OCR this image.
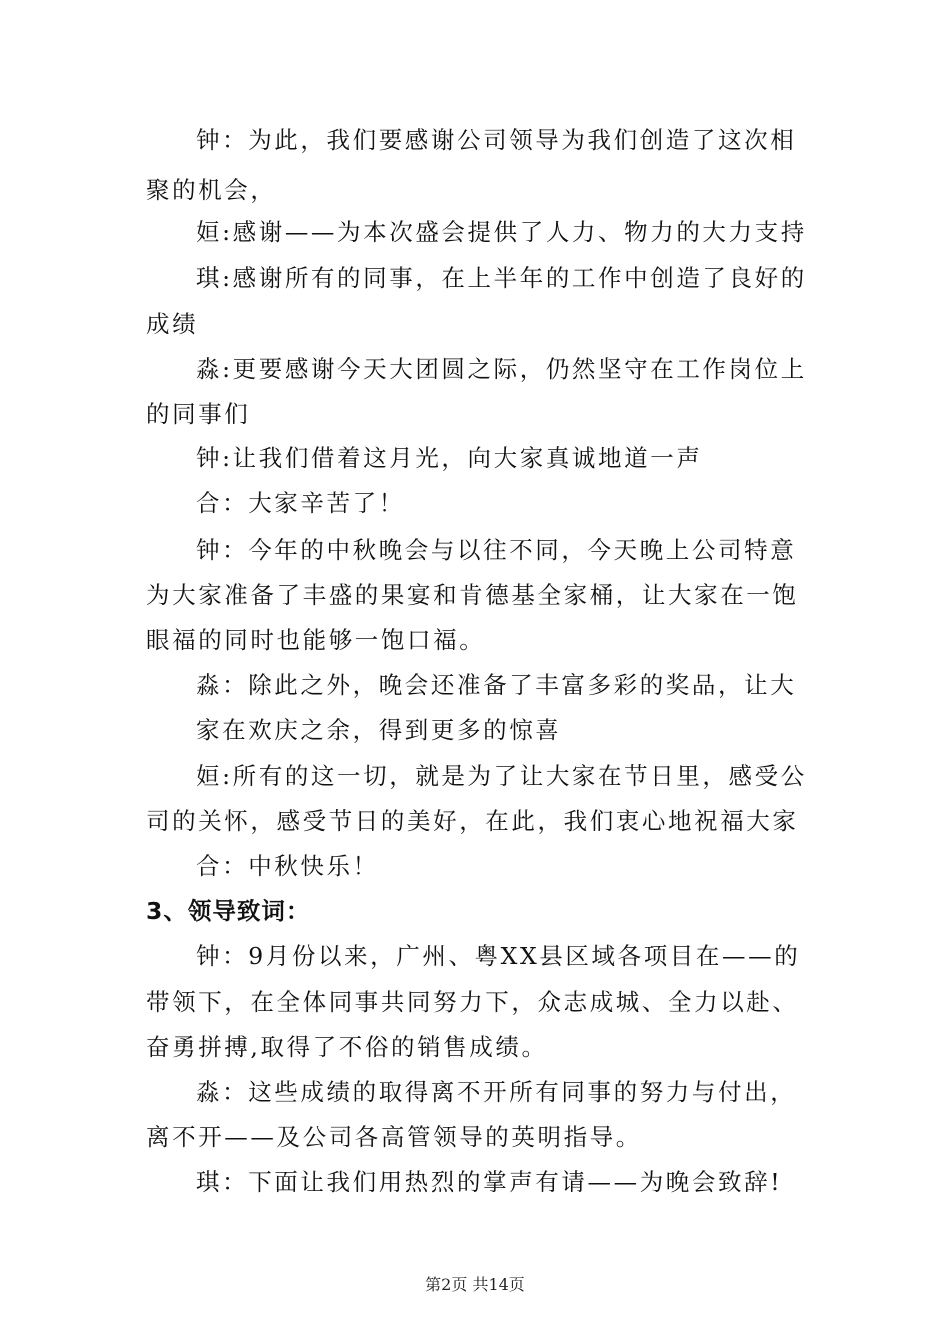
钟：为此，我们要感谢公司领导为我们创造了这次相
聚的机会，
姮:感谢——为本次盛会提供了人力、物力的大力支持
琪:感谢所有的同事，在上半年的工作中创造了良好的
成绩
淼:更要感谢今天大团圆之际，仍然坚守在工作岗位上
的同事们
钟:让我们借着这月光，向大家真诚地道一声
合：大家辛苦了！
钟：今年的中秋晚会与以往不同，今天晚上公司特意
为大家准备了丰盛的果宴和肯德基全家桶，让大家在一饱
眼福的同时也能够一饱口福。
淼：除此之外，晚会还准备了丰富多彩的奖品，让大
家在欢庆之余，得到更多的惊喜
姮:所有的这一切，就是为了让大家在节日里，感受公
司的关怀，感受节日的美好，在此，我们衷心地祝福大家
合：中秋快乐！
3、领导致词：
钟：9月份以来，广州、粤XX县区域各项目在——的
带领下，在全体同事共同努力下，众志成城、全力以赴、
奋勇拼搏,取得了不俗的销售成绩。
淼：这些成绩的取得离不开所有同事的努力与付出，
离不开——及公司各高管领导的英明指导。
琪：下面让我们用热烈的掌声有请——为晚会致辞!
第2页 共14页
